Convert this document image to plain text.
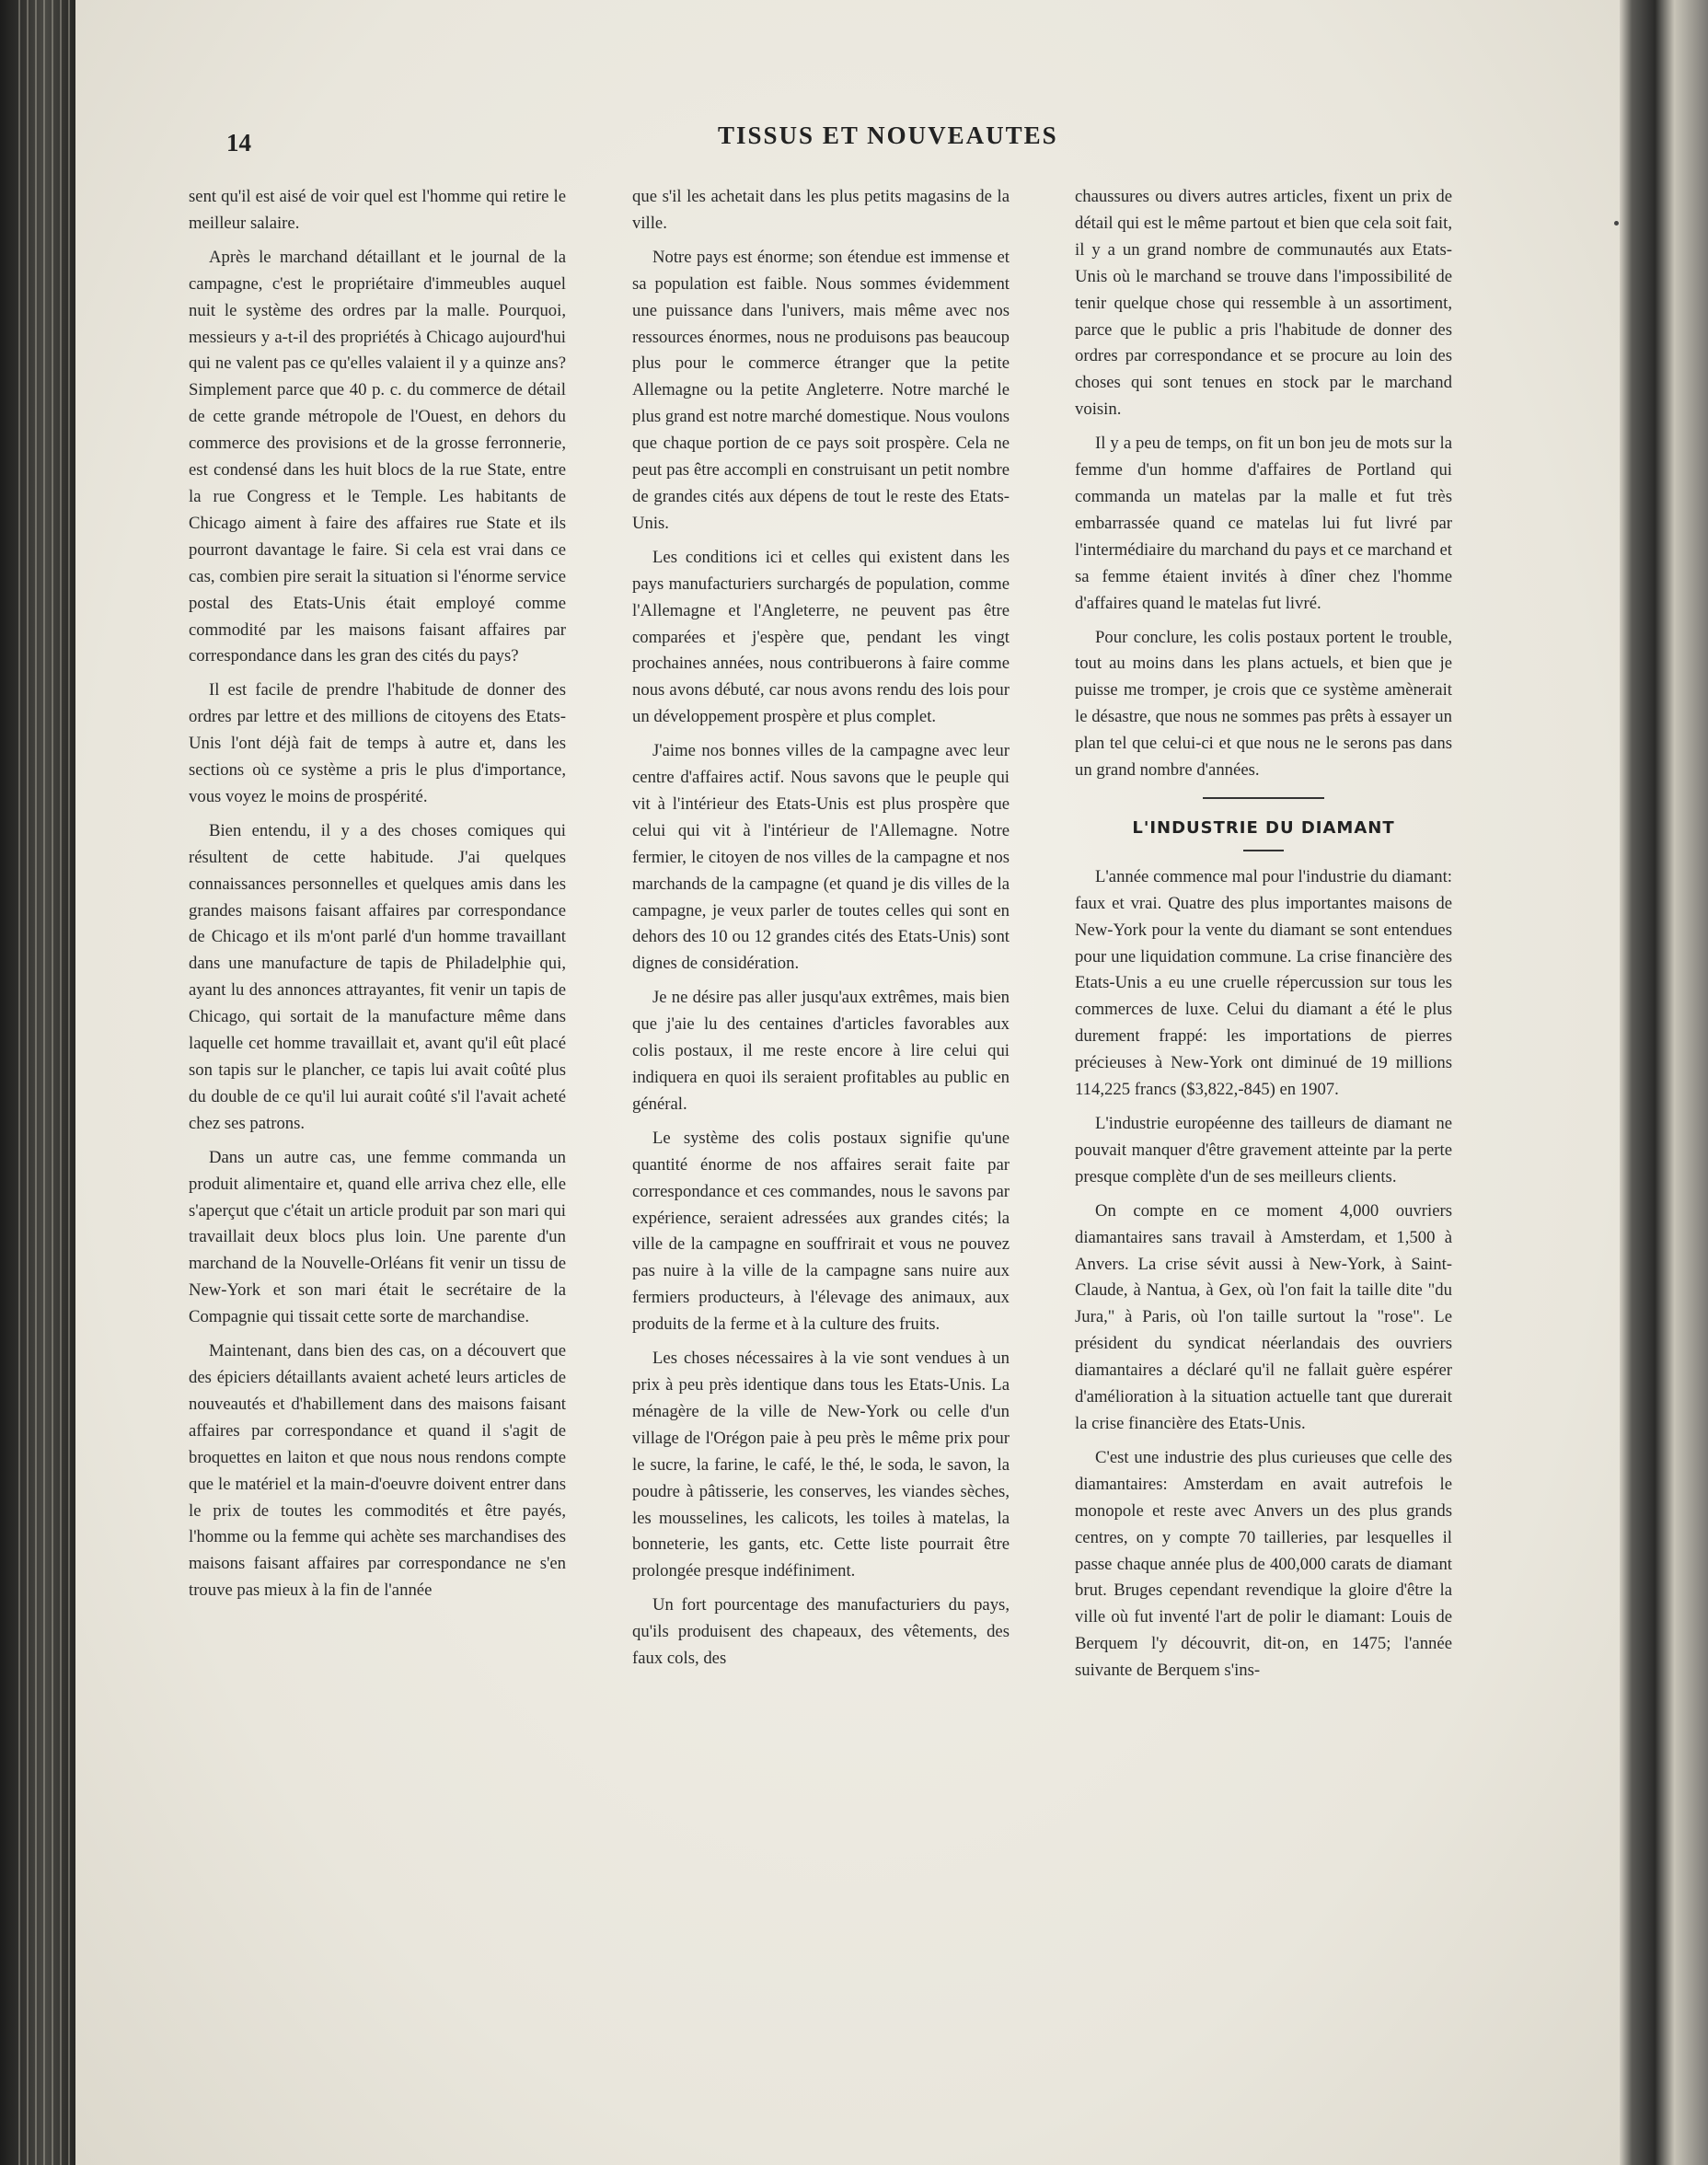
14	TISSUS ET NOUVEAUTES

sent qu'il est aisé de voir quel est l'homme qui retire le meilleur salaire.

Après le marchand détaillant et le journal de la campagne, c'est le propriétaire d'immeubles auquel nuit le système des ordres par la malle. Pourquoi, messieurs y a-t-il des propriétés à Chicago aujourd'hui qui ne valent pas ce qu'elles valaient il y a quinze ans? Simplement parce que 40 p. c. du commerce de détail de cette grande métropole de l'Ouest, en dehors du commerce des provisions et de la grosse ferronnerie, est condensé dans les huit blocs de la rue State, entre la rue Congress et le Temple. Les habitants de Chicago aiment à faire des affaires rue State et ils pourront davantage le faire. Si cela est vrai dans ce cas, combien pire serait la situation si l'énorme service postal des Etats-Unis était employé comme commodité par les maisons faisant affaires par correspondance dans les gran des cités du pays?

Il est facile de prendre l'habitude de donner des ordres par lettre et des millions de citoyens des Etats-Unis l'ont déjà fait de temps à autre et, dans les sections où ce système a pris le plus d'importance, vous voyez le moins de prospérité.

Bien entendu, il y a des choses comiques qui résultent de cette habitude. J'ai quelques connaissances personnelles et quelques amis dans les grandes maisons faisant affaires par correspondance de Chicago et ils m'ont parlé d'un homme travaillant dans une manufacture de tapis de Philadelphie qui, ayant lu des annonces attrayantes, fit venir un tapis de Chicago, qui sortait de la manufacture même dans laquelle cet homme travaillait et, avant qu'il eût placé son tapis sur le plancher, ce tapis lui avait coûté plus du double de ce qu'il lui aurait coûté s'il l'avait acheté chez ses patrons.

Dans un autre cas, une femme commanda un produit alimentaire et, quand elle arriva chez elle, elle s'aperçut que c'était un article produit par son mari qui travaillait deux blocs plus loin. Une parente d'un marchand de la Nouvelle-Orléans fit venir un tissu de New-York et son mari était le secrétaire de la Compagnie qui tissait cette sorte de marchandise.

Maintenant, dans bien des cas, on a découvert que des épiciers détaillants avaient acheté leurs articles de nouveautés et d'habillement dans des maisons faisant affaires par correspondance et quand il s'agit de broquettes en laiton et que nous nous rendons compte que le matériel et la main-d'oeuvre doivent entrer dans le prix de toutes les commodités et être payés, l'homme ou la femme qui achète ses marchandises des maisons faisant affaires par correspondance ne s'en trouve pas mieux à la fin de l'année

que s'il les achetait dans les plus petits magasins de la ville.

Notre pays est énorme; son étendue est immense et sa population est faible. Nous sommes évidemment une puissance dans l'univers, mais même avec nos ressources énormes, nous ne produisons pas beaucoup plus pour le commerce étranger que la petite Allemagne ou la petite Angleterre. Notre marché le plus grand est notre marché domestique. Nous voulons que chaque portion de ce pays soit prospère. Cela ne peut pas être accompli en construisant un petit nombre de grandes cités aux dépens de tout le reste des Etats-Unis.

Les conditions ici et celles qui existent dans les pays manufacturiers surchargés de population, comme l'Allemagne et l'Angleterre, ne peuvent pas être comparées et j'espère que, pendant les vingt prochaines années, nous contribuerons à faire comme nous avons débuté, car nous avons rendu des lois pour un développement prospère et plus complet.

J'aime nos bonnes villes de la campagne avec leur centre d'affaires actif. Nous savons que le peuple qui vit à l'intérieur des Etats-Unis est plus prospère que celui qui vit à l'intérieur de l'Allemagne. Notre fermier, le citoyen de nos villes de la campagne et nos marchands de la campagne (et quand je dis villes de la campagne, je veux parler de toutes celles qui sont en dehors des 10 ou 12 grandes cités des Etats-Unis) sont dignes de considération.

Je ne désire pas aller jusqu'aux extrêmes, mais bien que j'aie lu des centaines d'articles favorables aux colis postaux, il me reste encore à lire celui qui indiquera en quoi ils seraient profitables au public en général.

Le système des colis postaux signifie qu'une quantité énorme de nos affaires serait faite par correspondance et ces commandes, nous le savons par expérience, seraient adressées aux grandes cités; la ville de la campagne en souffrirait et vous ne pouvez pas nuire à la ville de la campagne sans nuire aux fermiers producteurs, à l'élevage des animaux, aux produits de la ferme et à la culture des fruits.

Les choses nécessaires à la vie sont vendues à un prix à peu près identique dans tous les Etats-Unis. La ménagère de la ville de New-York ou celle d'un village de l'Orégon paie à peu près le même prix pour le sucre, la farine, le café, le thé, le soda, le savon, la poudre à pâtisserie, les conserves, les viandes sèches, les mousselines, les calicots, les toiles à matelas, la bonneterie, les gants, etc. Cette liste pourrait être prolongée presque indéfiniment.

Un fort pourcentage des manufacturiers du pays, qu'ils produisent des chapeaux, des vêtements, des faux cols, des

chaussures ou divers autres articles, fixent un prix de détail qui est le même partout et bien que cela soit fait, il y a un grand nombre de communautés aux Etats-Unis où le marchand se trouve dans l'impossibilité de tenir quelque chose qui ressemble à un assortiment, parce que le public a pris l'habitude de donner des ordres par correspondance et se procure au loin des choses qui sont tenues en stock par le marchand voisin.

Il y a peu de temps, on fit un bon jeu de mots sur la femme d'un homme d'affaires de Portland qui commanda un matelas par la malle et fut très embarrassée quand ce matelas lui fut livré par l'intermédiaire du marchand du pays et ce marchand et sa femme étaient invités à dîner chez l'homme d'affaires quand le matelas fut livré.

Pour conclure, les colis postaux portent le trouble, tout au moins dans les plans actuels, et bien que je puisse me tromper, je crois que ce système amènerait le désastre, que nous ne sommes pas prêts à essayer un plan tel que celui-ci et que nous ne le serons pas dans un grand nombre d'années.

L'INDUSTRIE DU DIAMANT

L'année commence mal pour l'industrie du diamant: faux et vrai. Quatre des plus importantes maisons de New-York pour la vente du diamant se sont entendues pour une liquidation commune. La crise financière des Etats-Unis a eu une cruelle répercussion sur tous les commerces de luxe. Celui du diamant a été le plus durement frappé: les importations de pierres précieuses à New-York ont diminué de 19 millions 114,225 francs ($3,822,-845) en 1907.

L'industrie européenne des tailleurs de diamant ne pouvait manquer d'être gravement atteinte par la perte presque complète d'un de ses meilleurs clients.

On compte en ce moment 4,000 ouvriers diamantaires sans travail à Amsterdam, et 1,500 à Anvers. La crise sévit aussi à New-York, à Saint-Claude, à Nantua, à Gex, où l'on fait la taille dite "du Jura," à Paris, où l'on taille surtout la "rose". Le président du syndicat néerlandais des ouvriers diamantaires a déclaré qu'il ne fallait guère espérer d'amélioration à la situation actuelle tant que durerait la crise financière des Etats-Unis.

C'est une industrie des plus curieuses que celle des diamantaires: Amsterdam en avait autrefois le monopole et reste avec Anvers un des plus grands centres, on y compte 70 tailleries, par lesquelles il passe chaque année plus de 400,000 carats de diamant brut. Bruges cependant revendique la gloire d'être la ville où fut inventé l'art de polir le diamant: Louis de Berquem l'y découvrit, dit-on, en 1475; l'année suivante de Berquem s'ins-
